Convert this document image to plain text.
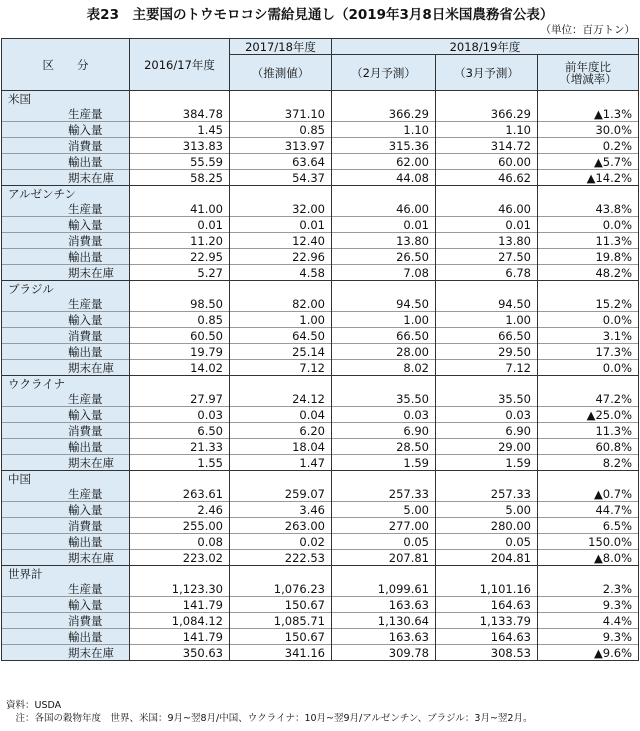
表23　主要国のトウモロコシ需給見通し（2019年3月8日米国農務省公表）
（単位：百万トン）
区　　分	2016/17年度	2017/18年度	2018/19年度		
		（推測値）	（2月予測）	（3月予測）	前年度比
（増減率）
米国					
生産量	384.78	371.10	366.29	366.29	▲1.3%
輸入量	1.45	0.85	1.10	1.10	30.0%
消費量	313.83	313.97	315.36	314.72	0.2%
輸出量	55.59	63.64	62.00	60.00	▲5.7%
期末在庫	58.25	54.37	44.08	46.62	▲14.2%
アルゼンチン					
生産量	41.00	32.00	46.00	46.00	43.8%
輸入量	0.01	0.01	0.01	0.01	0.0%
消費量	11.20	12.40	13.80	13.80	11.3%
輸出量	22.95	22.96	26.50	27.50	19.8%
期末在庫	5.27	4.58	7.08	6.78	48.2%
ブラジル					
生産量	98.50	82.00	94.50	94.50	15.2%
輸入量	0.85	1.00	1.00	1.00	0.0%
消費量	60.50	64.50	66.50	66.50	3.1%
輸出量	19.79	25.14	28.00	29.50	17.3%
期末在庫	14.02	7.12	8.02	7.12	0.0%
ウクライナ					
生産量	27.97	24.12	35.50	35.50	47.2%
輸入量	0.03	0.04	0.03	0.03	▲25.0%
消費量	6.50	6.20	6.90	6.90	11.3%
輸出量	21.33	18.04	28.50	29.00	60.8%
期末在庫	1.55	1.47	1.59	1.59	8.2%
中国					
生産量	263.61	259.07	257.33	257.33	▲0.7%
輸入量	2.46	3.46	5.00	5.00	44.7%
消費量	255.00	263.00	277.00	280.00	6.5%
輸出量	0.08	0.02	0.05	0.05	150.0%
期末在庫	223.02	222.53	207.81	204.81	▲8.0%
世界計					
生産量	1,123.30	1,076.23	1,099.61	1,101.16	2.3%
輸入量	141.79	150.67	163.63	164.63	9.3%
消費量	1,084.12	1,085.71	1,130.64	1,133.79	4.4%
輸出量	141.79	150.67	163.63	164.63	9.3%
期末在庫	350.63	341.16	309.78	308.53	▲9.6%
資料：USDA
　注：各国の穀物年度　世界、米国：9月~翌8月/中国、ウクライナ：10月~翌9月/アルゼンチン、ブラジル：3月~翌2月。
